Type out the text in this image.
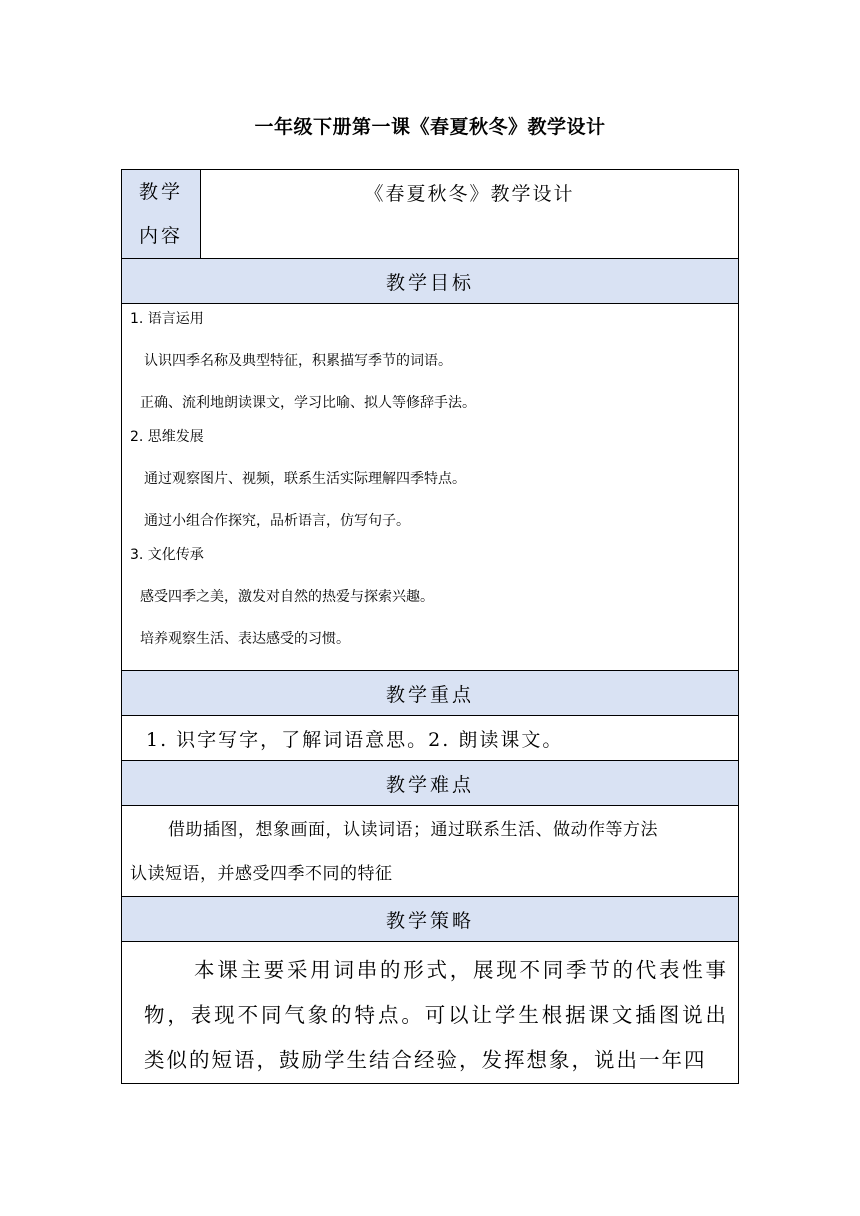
一年级下册第一课《春夏秋冬》教学设计
教学
内容
	《春夏秋冬》教学设计
教学目标

1. 语言运用
认识四季名称及典型特征，积累描写季节的词语。
正确、流利地朗读课文，学习比喻、拟人等修辞手法。
2. 思维发展
通过观察图片、视频，联系生活实际理解四季特点。
通过小组合作探究，品析语言，仿写句子。
3. 文化传承
感受四季之美，激发对自然的热爱与探索兴趣。
培养观察生活、表达感受的习惯。

教学重点
1. 识字写字，了解词语意思。2. 朗读课文。
教学难点

借助插图，想象画面，认读词语；通过联系生活、做动作等方法
认读短语，并感受四季不同的特征

教学策略
本课主要采用词串的形式，展现不同季节的代表性事物，表现不同气象的特点。可以让学生根据课文插图说出类似的短语，鼓励学生结合经验，发挥想象，说出一年四
